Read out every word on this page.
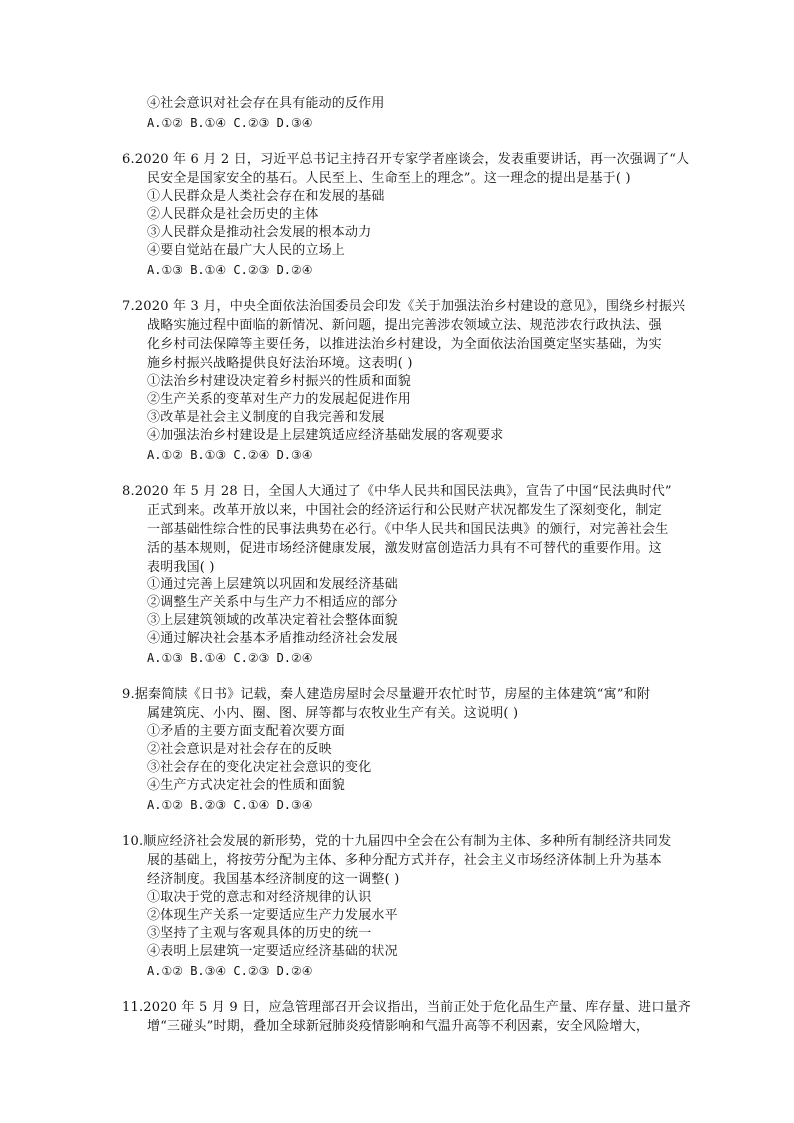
④社会意识对社会存在具有能动的反作用
A.①② B.①④ C.②③ D.③④
6.2020 年 6 月 2 日，习近平总书记主持召开专家学者座谈会，发表重要讲话，再一次强调了“人
民安全是国家安全的基石。人民至上、生命至上的理念”。这一理念的提出是基于( )
①人民群众是人类社会存在和发展的基础
②人民群众是社会历史的主体
③人民群众是推动社会发展的根本动力
④要自觉站在最广大人民的立场上
A.①③ B.①④ C.②③ D.②④
7.2020 年 3 月，中央全面依法治国委员会印发《关于加强法治乡村建设的意见》，围绕乡村振兴
战略实施过程中面临的新情况、新问题，提出完善涉农领域立法、规范涉农行政执法、强
化乡村司法保障等主要任务，以推进法治乡村建设，为全面依法治国奠定坚实基础，为实
施乡村振兴战略提供良好法治环境。这表明( )
①法治乡村建设决定着乡村振兴的性质和面貌
②生产关系的变革对生产力的发展起促进作用
③改革是社会主义制度的自我完善和发展
④加强法治乡村建设是上层建筑适应经济基础发展的客观要求
A.①② B.①③ C.②④ D.③④
8.2020 年 5 月 28 日，全国人大通过了《中华人民共和国民法典》，宣告了中国“民法典时代”
正式到来。改革开放以来，中国社会的经济运行和公民财产状况都发生了深刻变化，制定
一部基础性综合性的民事法典势在必行。《中华人民共和国民法典》的颁行，对完善社会生
活的基本规则，促进市场经济健康发展，激发财富创造活力具有不可替代的重要作用。这
表明我国( )
①通过完善上层建筑以巩固和发展经济基础
②调整生产关系中与生产力不相适应的部分
③上层建筑领域的改革决定着社会整体面貌
④通过解决社会基本矛盾推动经济社会发展
A.①③ B.①④ C.②③ D.②④
9.据秦简牍《日书》记载，秦人建造房屋时会尽量避开农忙时节，房屋的主体建筑“寓”和附
属建筑庑、小内、圈、图、屏等都与农牧业生产有关。这说明( )
①矛盾的主要方面支配着次要方面
②社会意识是对社会存在的反映
③社会存在的变化决定社会意识的变化
④生产方式决定社会的性质和面貌
A.①② B.②③ C.①④ D.③④
10.顺应经济社会发展的新形势，党的十九届四中全会在公有制为主体、多种所有制经济共同发
展的基础上，将按劳分配为主体、多种分配方式并存，社会主义市场经济体制上升为基本
经济制度。我国基本经济制度的这一调整( )
①取决于党的意志和对经济规律的认识
②体现生产关系一定要适应生产力发展水平
③坚持了主观与客观具体的历史的统一
④表明上层建筑一定要适应经济基础的状况
A.①② B.③④ C.②③ D.②④
11.2020 年 5 月 9 日，应急管理部召开会议指出，当前正处于危化品生产量、库存量、进口量齐
增“三碰头”时期，叠加全球新冠肺炎疫情影响和气温升高等不利因素，安全风险增大，
